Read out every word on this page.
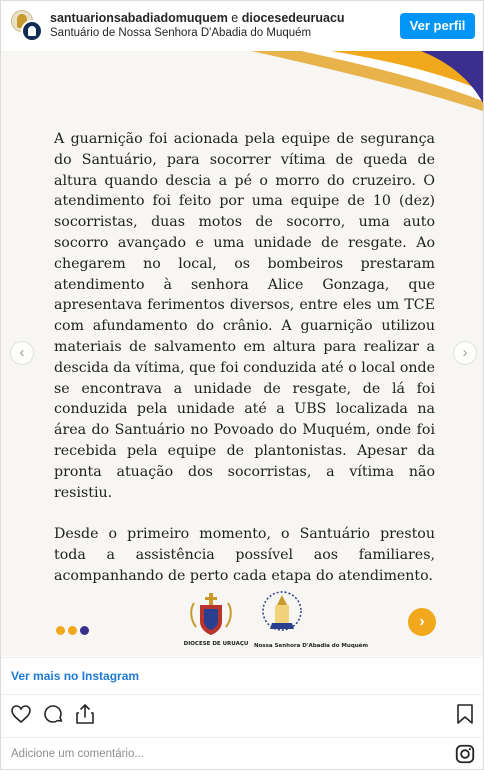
santuarionsabadiadomuquem e diocesedeuruacu
Santuário de Nossa Senhora D'Abadia do Muquém	Ver perfil

A guarnição foi acionada pela equipe de segurança do Santuário, para socorrer vítima de queda de altura quando descia a pé o morro do cruzeiro. O atendimento foi feito por uma equipe de 10 (dez) socorristas, duas motos de socorro, uma auto socorro avançado e uma unidade de resgate. Ao chegarem no local, os bombeiros prestaram atendimento à senhora Alice Gonzaga, que apresentava ferimentos diversos, entre eles um TCE com afundamento do crânio. A guarnição utilizou materiais de salvamento em altura para realizar a descida da vítima, que foi conduzida até o local onde se encontrava a unidade de resgate, de lá foi conduzida pela unidade até a UBS localizada na área do Santuário no Povoado do Muquém, onde foi recebida pela equipe de plantonistas. Apesar da pronta atuação dos socorristas, a vítima não resistiu.

Desde o primeiro momento, o Santuário prestou toda a assistência possível aos familiares, acompanhando de perto cada etapa do atendimento.

‹	›
DIOCESE DE URUAÇU	Nossa Senhora D'Abadia do Muquém
›
Ver mais no Instagram
Adicione um comentário...
